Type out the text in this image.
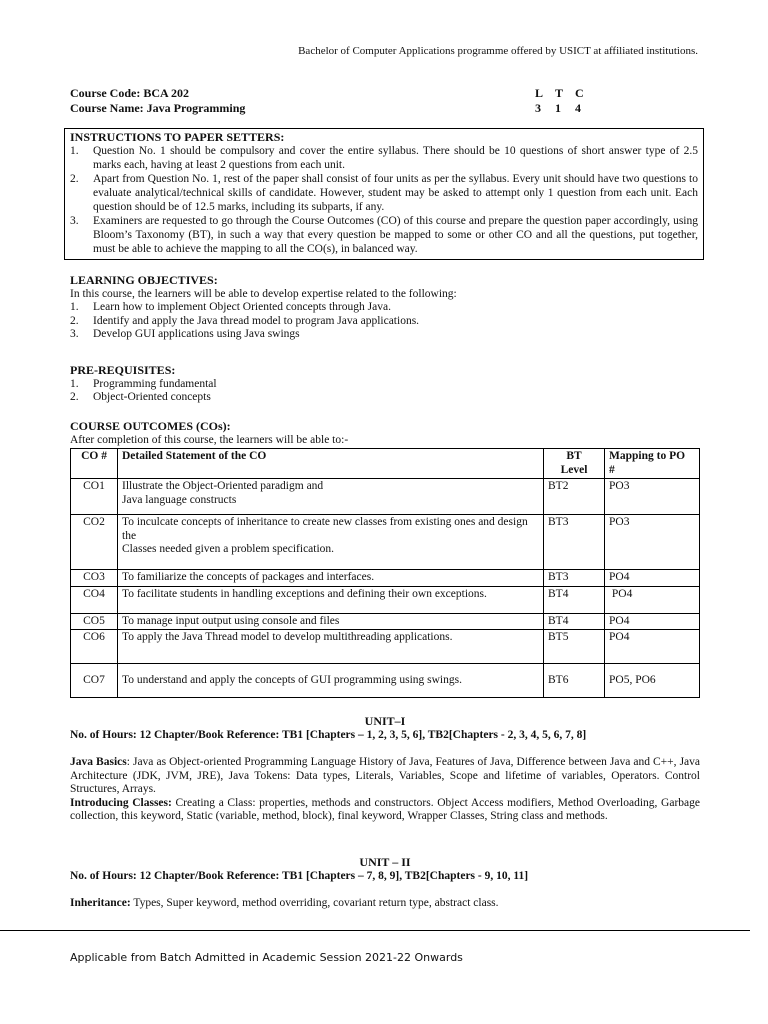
Bachelor of Computer Applications programme offered by USICT at affiliated institutions.
Course Code: BCA 202
Course Name: Java Programming
L T C
3 1 4
INSTRUCTIONS TO PAPER SETTERS:
1. Question No. 1 should be compulsory and cover the entire syllabus. There should be 10 questions of short answer type of 2.5 marks each, having at least 2 questions from each unit.
2. Apart from Question No. 1, rest of the paper shall consist of four units as per the syllabus. Every unit should have two questions to evaluate analytical/technical skills of candidate. However, student may be asked to attempt only 1 question from each unit. Each question should be of 12.5 marks, including its subparts, if any.
3. Examiners are requested to go through the Course Outcomes (CO) of this course and prepare the question paper accordingly, using Bloom’s Taxonomy (BT), in such a way that every question be mapped to some or other CO and all the questions, put together, must be able to achieve the mapping to all the CO(s), in balanced way.
LEARNING OBJECTIVES:
In this course, the learners will be able to develop expertise related to the following:
1. Learn how to implement Object Oriented concepts through Java.
2. Identify and apply the Java thread model to program Java applications.
3. Develop GUI applications using Java swings
PRE-REQUISITES:
1. Programming fundamental
2. Object-Oriented concepts
COURSE OUTCOMES (COs):
After completion of this course, the learners will be able to:-
CO #	Detailed Statement of the CO	BT
Level	Mapping to PO
#
CO1	Illustrate the Object-Oriented paradigm and
Java language constructs	BT2	PO3
CO2	To inculcate concepts of inheritance to create new classes from existing ones and design the
Classes needed given a problem specification.	BT3	PO3
CO3	To familiarize the concepts of packages and interfaces.	BT3	PO4
CO4	To facilitate students in handling exceptions and defining their own exceptions.	BT4	PO4
CO5	To manage input output using console and files	BT4	PO4
CO6	To apply the Java Thread model to develop multithreading applications.	BT5	PO4
CO7	To understand and apply the concepts of GUI programming using swings.	BT6	PO5, PO6
UNIT–I
No. of Hours: 12 Chapter/Book Reference: TB1 [Chapters – 1, 2, 3, 5, 6], TB2[Chapters - 2, 3, 4, 5, 6, 7, 8]
Java Basics: Java as Object-oriented Programming Language History of Java, Features of Java, Difference between Java and C++, Java Architecture (JDK, JVM, JRE), Java Tokens: Data types, Literals, Variables, Scope and lifetime of variables, Operators. Control Structures, Arrays.
Introducing Classes: Creating a Class: properties, methods and constructors. Object Access modifiers, Method Overloading, Garbage collection, this keyword, Static (variable, method, block), final keyword, Wrapper Classes, String class and methods.
UNIT – II
No. of Hours: 12 Chapter/Book Reference: TB1 [Chapters – 7, 8, 9], TB2[Chapters - 9, 10, 11]
Inheritance: Types, Super keyword, method overriding, covariant return type, abstract class.
Applicable from Batch Admitted in Academic Session 2021-22 Onwards
